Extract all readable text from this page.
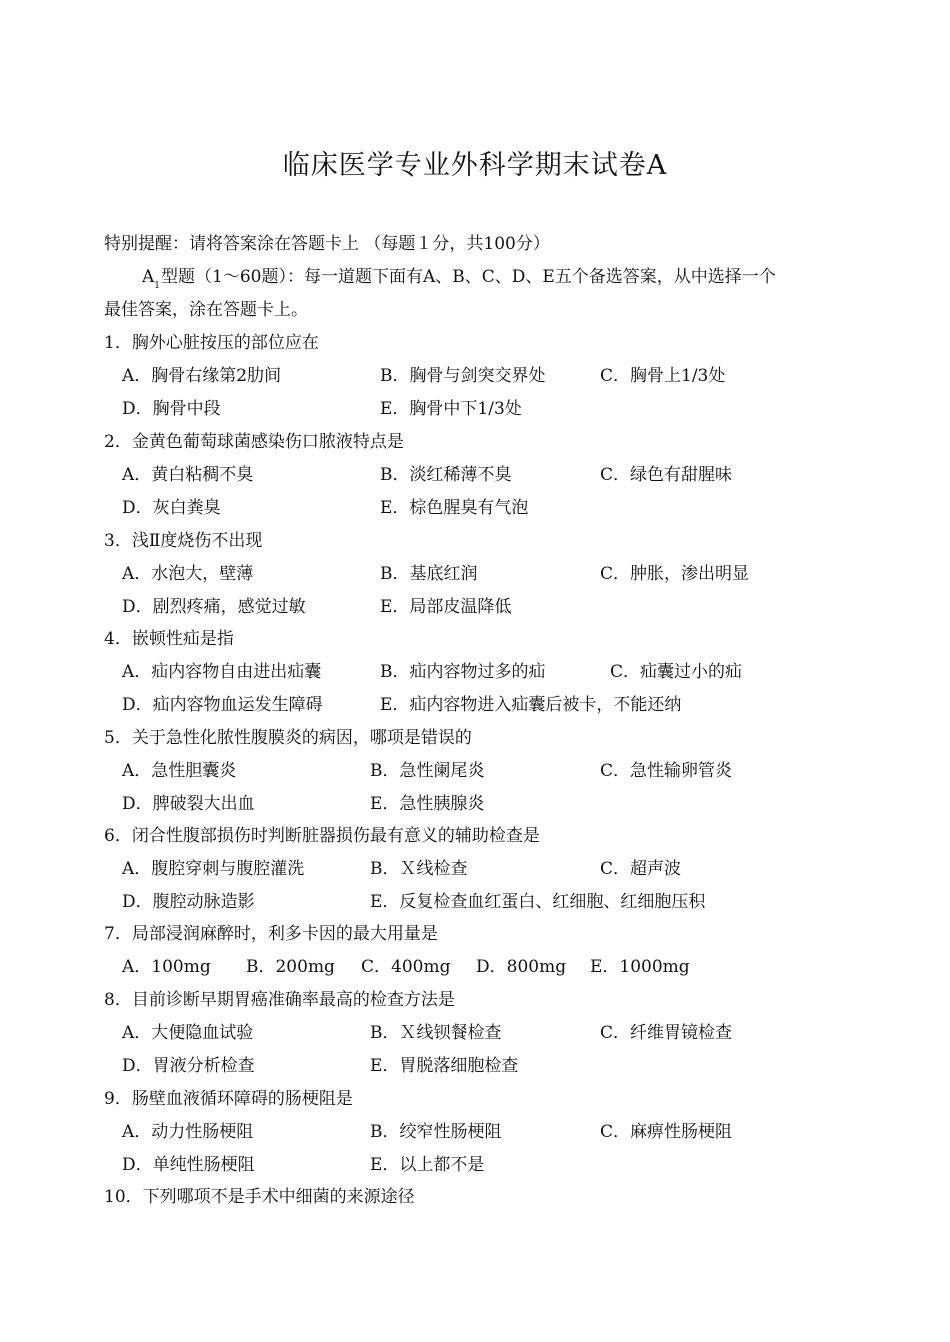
临床医学专业外科学期末试卷A
特别提醒：请将答案涂在答题卡上 （每题１分，共100分）
$A_1$型题（1～60题）：每一道题下面有A、B、C、D、E五个备选答案，从中选择一个
最佳答案，涂在答题卡上。
1．胸外心脏按压的部位应在
A．胸骨右缘第2肋间	B．胸骨与剑突交界处	C．胸骨上1/3处
D．胸骨中段	E．胸骨中下1/3处
2．金黄色葡萄球菌感染伤口脓液特点是
A．黄白粘稠不臭	B．淡红稀薄不臭	C．绿色有甜腥味
D．灰白粪臭	E．棕色腥臭有气泡
3．浅Ⅱ度烧伤不出现
A．水泡大，壁薄	B．基底红润	C．肿胀，渗出明显
D．剧烈疼痛，感觉过敏	E．局部皮温降低
4．嵌顿性疝是指
A．疝内容物自由进出疝囊	B．疝内容物过多的疝	C．疝囊过小的疝
D．疝内容物血运发生障碍	E．疝内容物进入疝囊后被卡，不能还纳
5．关于急性化脓性腹膜炎的病因，哪项是错误的
A．急性胆囊炎	B．急性阑尾炎	C．急性输卵管炎
D．脾破裂大出血	E．急性胰腺炎
6．闭合性腹部损伤时判断脏器损伤最有意义的辅助检查是
A．腹腔穿刺与腹腔灌洗	B．Ｘ线检查	C．超声波
D．腹腔动脉造影	E．反复检查血红蛋白、红细胞、红细胞压积
7．局部浸润麻醉时，利多卡因的最大用量是
A．100mg B．200mg C．400mg D．800mg E．1000mg
8．目前诊断早期胃癌准确率最高的检查方法是
A．大便隐血试验	B．Ｘ线钡餐检查	C．纤维胃镜检查
D．胃液分析检查	E．胃脱落细胞检查
9．肠壁血液循环障碍的肠梗阻是
A．动力性肠梗阻	B．绞窄性肠梗阻	C．麻痹性肠梗阻
D．单纯性肠梗阻	E．以上都不是
10．下列哪项不是手术中细菌的来源途径
